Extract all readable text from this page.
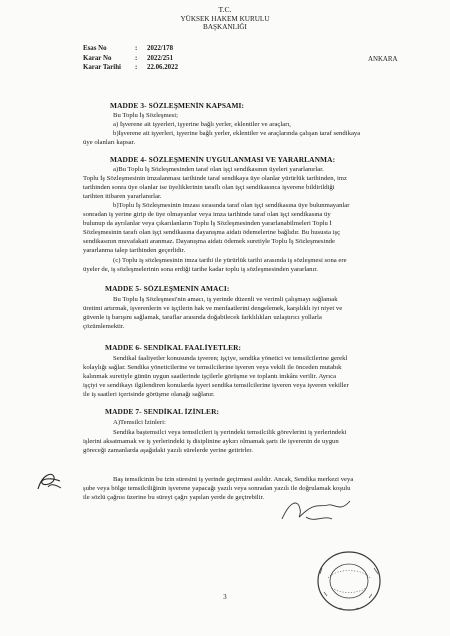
T.C.
YÜKSEK HAKEM KURULU
BAŞKANLIĞI
Esas No	:	2022/178
Karar No	:	2022/251
Karar Tarihi	:	22.06.2022
ANKARA
MADDE 3- SÖZLEŞMENİN KAPSAMI:
Bu Toplu İş Sözleşmesi;
a) İşverene ait işyerleri, işyerine bağlı yerler, eklentiler ve araçları,
b)İşverene ait işyerleri, işyerine bağlı yerler, eklentiler ve araçlarında çalışan taraf sendikaya
üye olanları kapsar.
MADDE 4- SÖZLEŞMENİN UYGULANMASI VE YARARLANMA:
a)Bu Toplu İş Sözleşmesinden taraf olan işçi sendikasının üyeleri yararlanırlar.
Toplu İş Sözleşmesinin imzalanması tarihinde taraf sendikaya üye olanlar yürürlük tarihinden, imz
tarihinden sonra üye olanlar ise üyeliklerinin taraflı olan işçi sendikasınca işverene bildirildiği
tarihten itibaren yararlanırlar.
b)Toplu İş Sözleşmesinin imzası sırasında taraf olan işçi sendikasına üye bulunmayanlar
sonradan iş yerine girip de üye olmayanlar veya imza tarihinde taraf olan işçi sendikasına üy
bulunup da ayrılanlar veya çıkarılanların Toplu İş Sözleşmesinden yararlanabilmeleri Toplu İ
Sözleşmesinin tarafı olan işçi sendikasına dayanışma aidatı ödemelerine bağlıdır. Bu hususta işç
sendikasının muvafakati aranmaz. Dayanışma aidatı ödemek suretiyle Toplu İş Sözleşmesinde
yararlanma talep tarihinden geçerlidir.
(c) Toplu iş sözleşmesinin imza tarihi ile yürürlük tarihi arasında iş sözleşmesi sona ere
üyeler de, iş sözleşmelerinin sona erdiği tarihe kadar toplu iş sözleşmesinden yararlanır.
MADDE 5- SÖZLEŞMENİN AMACI:
Bu Toplu İş Sözleşmesi'nin amacı, iş yerinde düzenli ve verimli çalışmayı sağlamak
üretimi artırmak, işverenlerin ve işçilerin hak ve menfaatlerini dengelemek, karşılıklı iyi niyet ve
güvenle iş barışını sağlamak, taraflar arasında doğabilecek farklılıkları uzlaştırıcı yollarla
çözümlemektir.
MADDE 6- SENDİKAL FAALİYETLER:
Sendikal faaliyetler konusunda işveren; işçiye, sendika yönetici ve temsilcilerine gerekl
kolaylığı sağlar. Sendika yöneticilerine ve temsilcilerine işveren veya vekili ile önceden mutabık
kalınmak suretiyle günün uygun saatlerinde işçilerle görüşme ve toplantı imkânı verilir. Ayrıca
işçiyi ve sendikayı ilgilendiren konularda işyeri sendika temsilcilerine işveren veya işveren vekiller
ile iş saatleri içerisinde görüşme olanağı sağlanır.
MADDE 7- SENDİKAL İZİNLER:
A)Temsilci İzinleri:
Sendika baştemsilci veya temsilcileri iş yerindeki temsilcilik görevlerini iş yerlerindeki
işlerini aksatmamak ve iş yerlerindeki iş disiplinine aykırı olmamak şartı ile işverenin de uygun
göreceği zamanlarda aşağıdaki yazılı sürelerde yerine getirirler.
Baş temsilcinin bu izin süresini iş yerinde geçirmesi asıldır. Ancak, Sendika merkezi veya
şube veya bölge temsilciliğinin işverene yapacağı yazılı veya sonradan yazılı ile doğrulamak koşulu
ile sözlü çağrısı üzerine bu süreyi çağrı yapılan yerde de geçirebilir.
3
